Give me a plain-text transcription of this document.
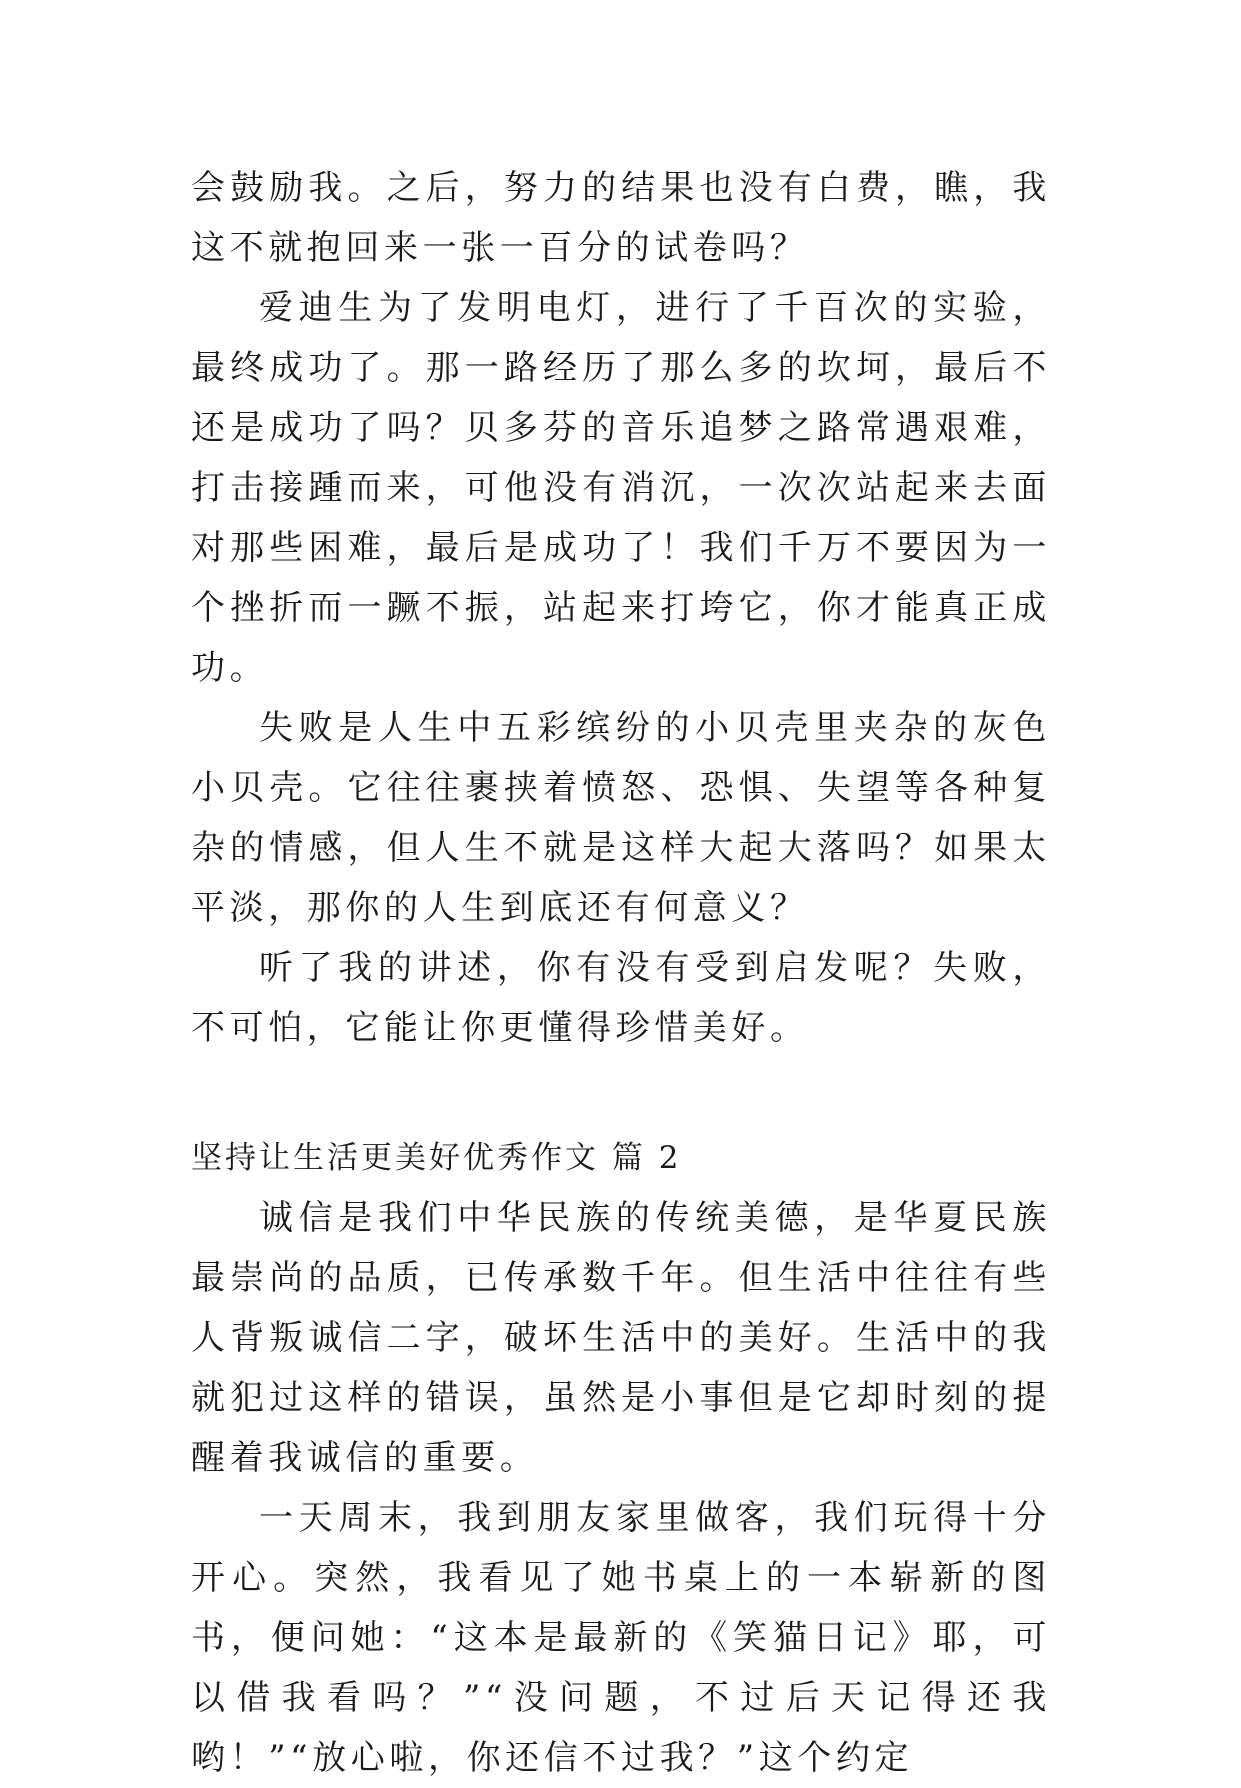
会鼓励我。之后，努力的结果也没有白费，瞧，我这不就抱回来一张一百分的试卷吗？

爱迪生为了发明电灯，进行了千百次的实验，最终成功了。那一路经历了那么多的坎坷，最后不还是成功了吗？贝多芬的音乐追梦之路常遇艰难，打击接踵而来，可他没有消沉，一次次站起来去面对那些困难，最后是成功了！我们千万不要因为一个挫折而一蹶不振，站起来打垮它，你才能真正成功。

失败是人生中五彩缤纷的小贝壳里夹杂的灰色小贝壳。它往往裹挟着愤怒、恐惧、失望等各种复杂的情感，但人生不就是这样大起大落吗？如果太平淡，那你的人生到底还有何意义？

听了我的讲述，你有没有受到启发呢？失败，不可怕，它能让你更懂得珍惜美好。

坚持让生活更美好优秀作文 篇 2

诚信是我们中华民族的传统美德，是华夏民族最崇尚的品质，已传承数千年。但生活中往往有些人背叛诚信二字，破坏生活中的美好。生活中的我就犯过这样的错误，虽然是小事但是它却时刻的提醒着我诚信的重要。

一天周末，我到朋友家里做客，我们玩得十分开心。突然，我看见了她书桌上的一本崭新的图书，便问她：“这本是最新的《笑猫日记》耶，可以借我看吗？”“没问题，不过后天记得还我哟！”“放心啦，你还信不过我？”这个约定
